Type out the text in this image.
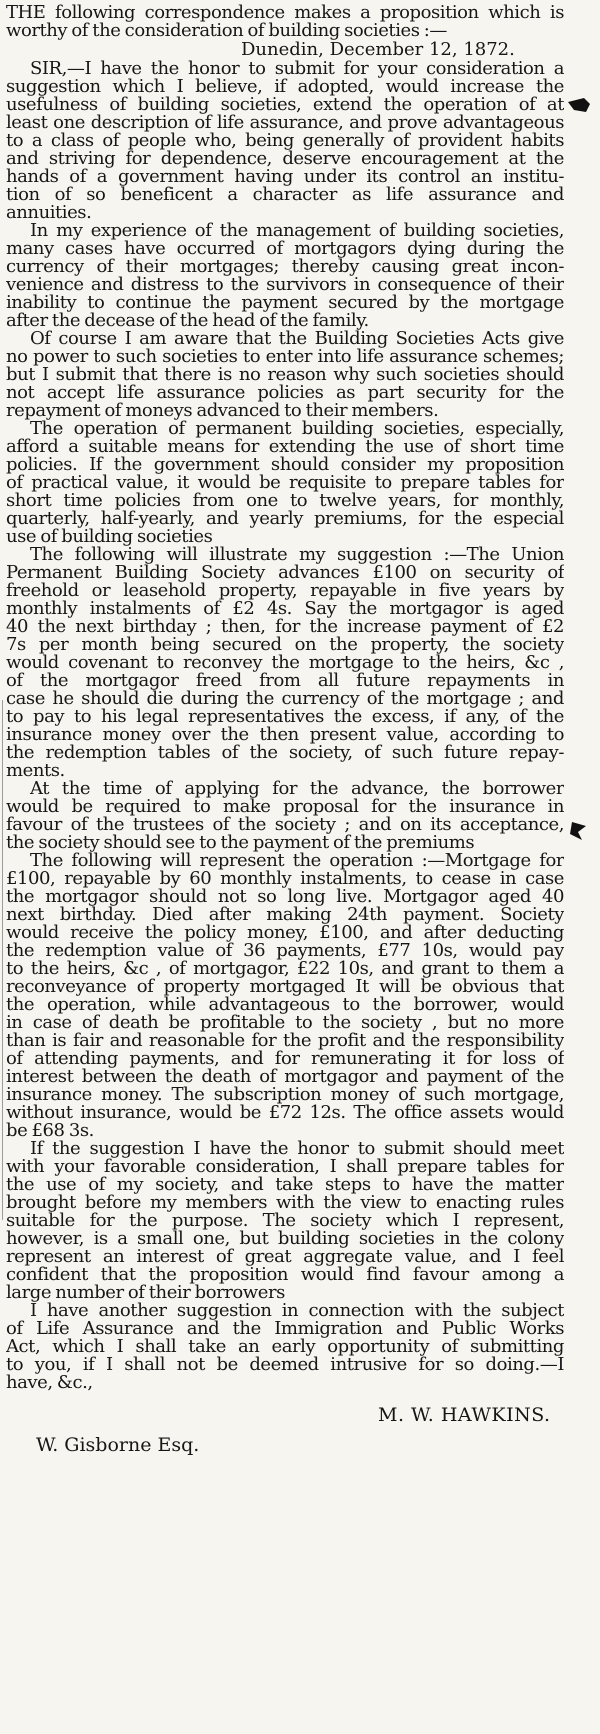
THE following correspondence makes a proposition which is
worthy of the consideration of building societies :—
Dunedin, December 12, 1872.
SIR,—I have the honor to submit for your consideration a
suggestion which I believe, if adopted, would increase the
usefulness of building societies, extend the operation of at
least one description of life assurance, and prove advantageous
to a class of people who, being generally of provident habits
and striving for dependence, deserve encouragement at the
hands of a government having under its control an institu-
tion of so beneficent a character as life assurance and
annuities.
In my experience of the management of building societies,
many cases have occurred of mortgagors dying during the
currency of their mortgages; thereby causing great incon-
venience and distress to the survivors in consequence of their
inability to continue the payment secured by the mortgage
after the decease of the head of the family.
Of course I am aware that the Building Societies Acts give
no power to such societies to enter into life assurance schemes;
but I submit that there is no reason why such societies should
not accept life assurance policies as part security for the
repayment of moneys advanced to their members.
The operation of permanent building societies, especially,
afford a suitable means for extending the use of short time
policies. If the government should consider my proposition
of practical value, it would be requisite to prepare tables for
short time policies from one to twelve years, for monthly,
quarterly, half-yearly, and yearly premiums, for the especial
use of building societies
The following will illustrate my suggestion :—The Union
Permanent Building Society advances £100 on security of
freehold or leasehold property, repayable in five years by
monthly instalments of £2 4s. Say the mortgagor is aged
40 the next birthday ; then, for the increase payment of £2
7s per month being secured on the property, the society
would covenant to reconvey the mortgage to the heirs, &c ,
of the mortgagor freed from all future repayments in
case he should die during the currency of the mortgage ; and
to pay to his legal representatives the excess, if any, of the
insurance money over the then present value, according to
the redemption tables of the society, of such future repay-
ments.
At the time of applying for the advance, the borrower
would be required to make proposal for the insurance in
favour of the trustees of the society ; and on its acceptance,
the society should see to the payment of the premiums
The following will represent the operation :—Mortgage for
£100, repayable by 60 monthly instalments, to cease in case
the mortgagor should not so long live. Mortgagor aged 40
next birthday. Died after making 24th payment. Society
would receive the policy money, £100, and after deducting
the redemption value of 36 payments, £77 10s, would pay
to the heirs, &c , of mortgagor, £22 10s, and grant to them a
reconveyance of property mortgaged It will be obvious that
the operation, while advantageous to the borrower, would
in case of death be profitable to the society , but no more
than is fair and reasonable for the profit and the responsibility
of attending payments, and for remunerating it for loss of
interest between the death of mortgagor and payment of the
insurance money. The subscription money of such mortgage,
without insurance, would be £72 12s. The office assets would
be £68 3s.
If the suggestion I have the honor to submit should meet
with your favorable consideration, I shall prepare tables for
the use of my society, and take steps to have the matter
brought before my members with the view to enacting rules
suitable for the purpose. The society which I represent,
however, is a small one, but building societies in the colony
represent an interest of great aggregate value, and I feel
confident that the proposition would find favour among a
large number of their borrowers
I have another suggestion in connection with the subject
of Life Assurance and the Immigration and Public Works
Act, which I shall take an early opportunity of submitting
to you, if I shall not be deemed intrusive for so doing.—I
have, &c.,
M. W. HAWKINS.
W. Gisborne Esq.
